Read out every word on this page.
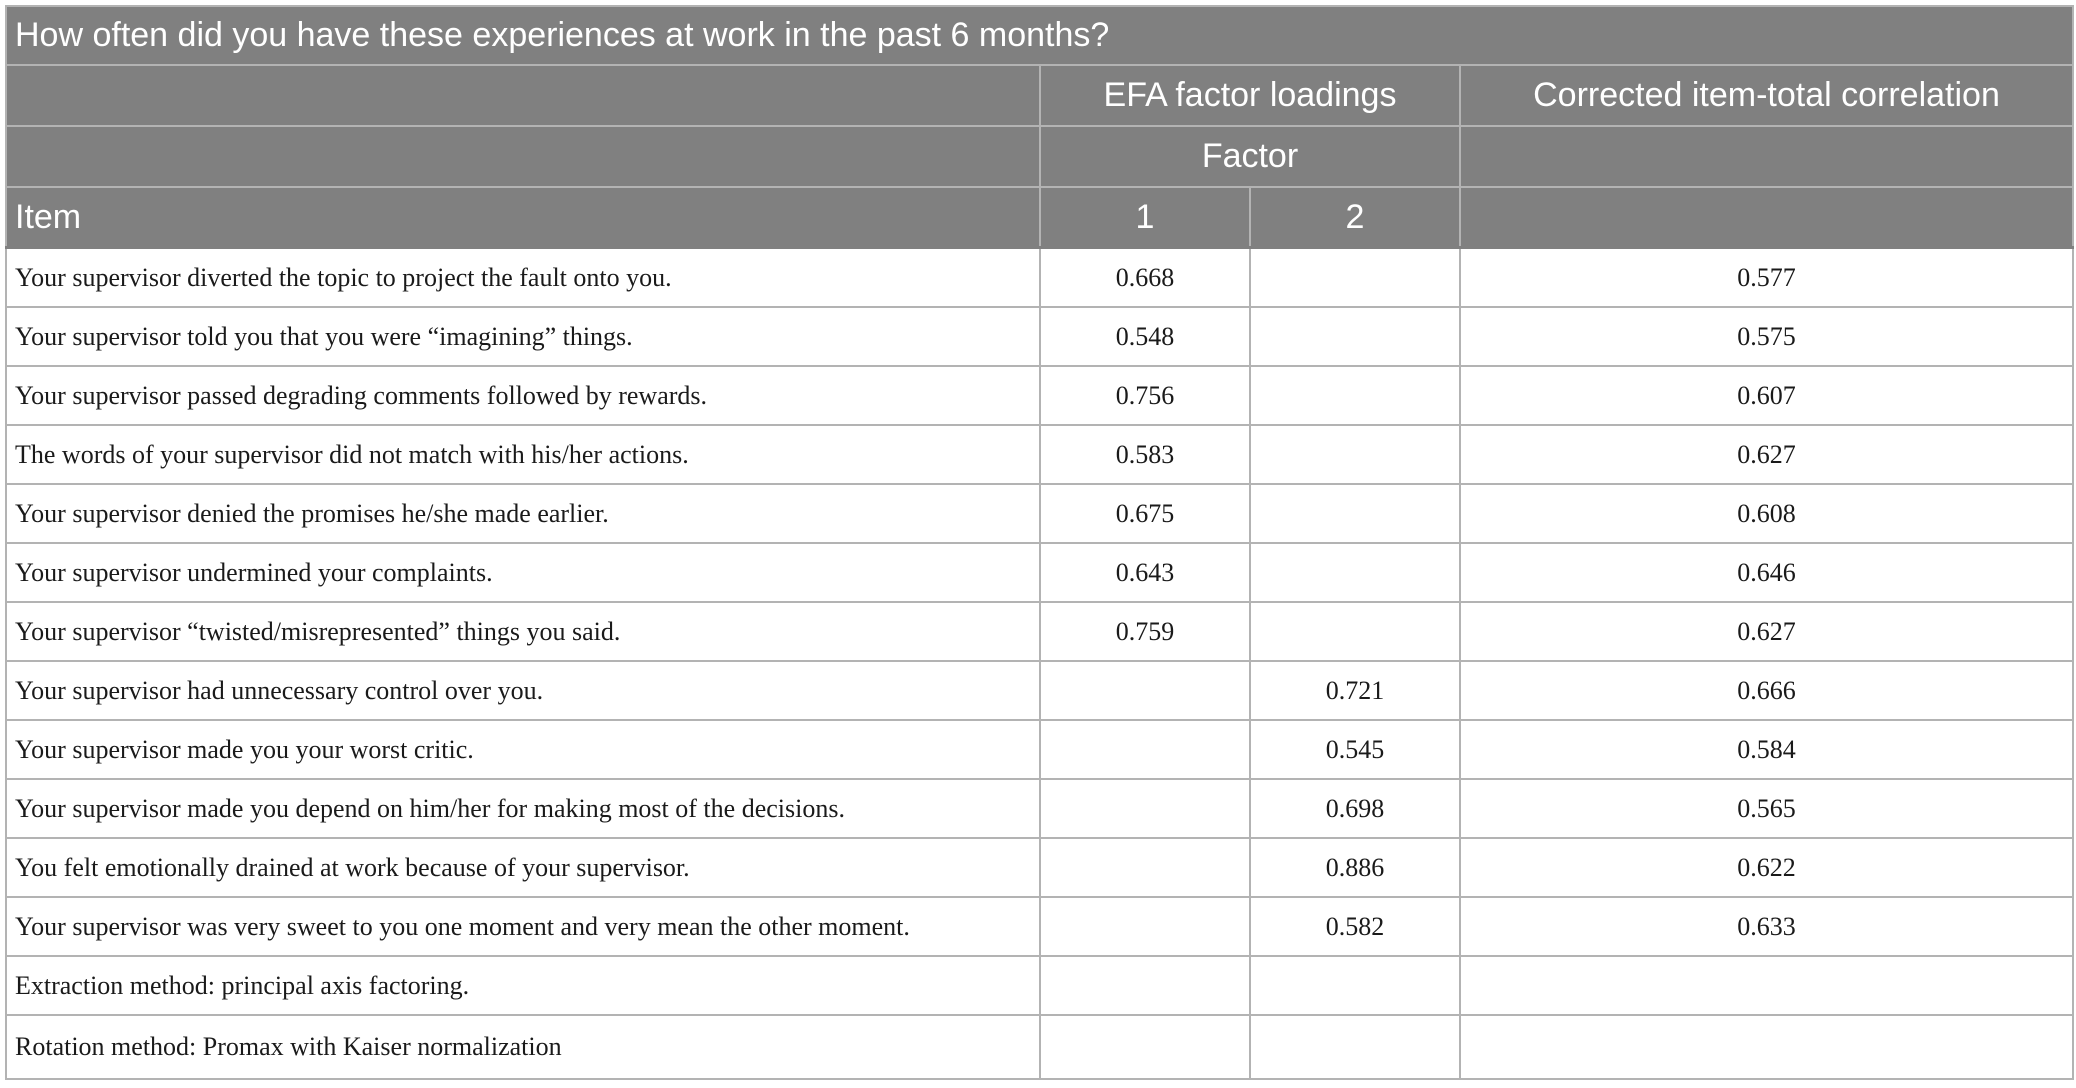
How often did you have these experiences at work in the past 6 months?			
	EFA factor loadings		Corrected item-total correlation
	Factor		
Item	1	2	
Your supervisor diverted the topic to project the fault onto you.	0.668		0.577
Your supervisor told you that you were “imagining” things.	0.548		0.575
Your supervisor passed degrading comments followed by rewards.	0.756		0.607
The words of your supervisor did not match with his/her actions.	0.583		0.627
Your supervisor denied the promises he/she made earlier.	0.675		0.608
Your supervisor undermined your complaints.	0.643		0.646
Your supervisor “twisted/misrepresented” things you said.	0.759		0.627
Your supervisor had unnecessary control over you.		0.721	0.666
Your supervisor made you your worst critic.		0.545	0.584
Your supervisor made you depend on him/her for making most of the decisions.		0.698	0.565
You felt emotionally drained at work because of your supervisor.		0.886	0.622
Your supervisor was very sweet to you one moment and very mean the other moment.		0.582	0.633
Extraction method: principal axis factoring.			
Rotation method: Promax with Kaiser normalization			
